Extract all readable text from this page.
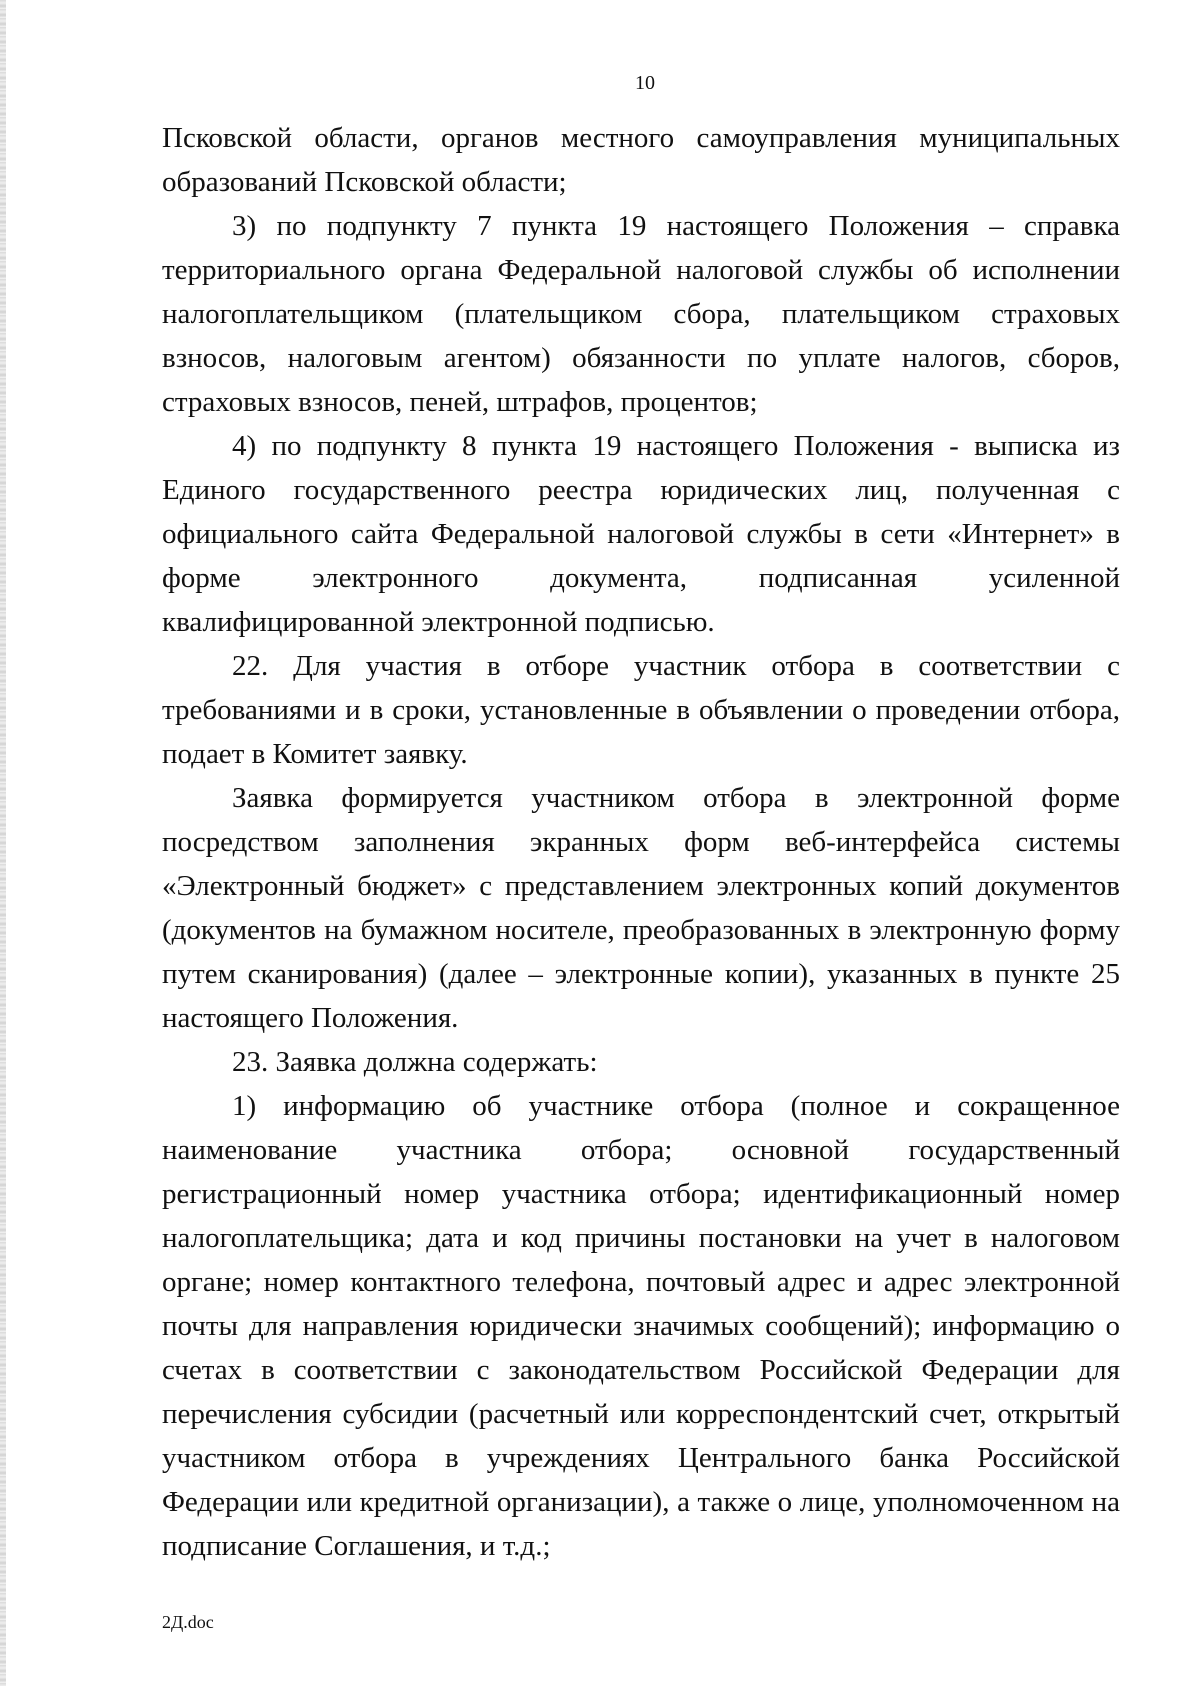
10

Псковской области, органов местного самоуправления муниципальных образований Псковской области;

3) по подпункту 7 пункта 19 настоящего Положения – справка территориального органа Федеральной налоговой службы об исполнении налогоплательщиком (плательщиком сбора, плательщиком страховых взносов, налоговым агентом) обязанности по уплате налогов, сборов, страховых взносов, пеней, штрафов, процентов;

4) по подпункту 8 пункта 19 настоящего Положения - выписка из Единого государственного реестра юридических лиц, полученная с официального сайта Федеральной налоговой службы в сети «Интернет» в форме электронного документа, подписанная усиленной квалифицированной электронной подписью.

22. Для участия в отборе участник отбора в соответствии с требованиями и в сроки, установленные в объявлении о проведении отбора, подает в Комитет заявку.

Заявка формируется участником отбора в электронной форме посредством заполнения экранных форм веб-интерфейса системы «Электронный бюджет» с представлением электронных копий документов (документов на бумажном носителе, преобразованных в электронную форму путем сканирования) (далее – электронные копии), указанных в пункте 25 настоящего Положения.

23. Заявка должна содержать:

1) информацию об участнике отбора (полное и сокращенное наименование участника отбора; основной государственный регистрационный номер участника отбора; идентификационный номер налогоплательщика; дата и код причины постановки на учет в налоговом органе; номер контактного телефона, почтовый адрес и адрес электронной почты для направления юридически значимых сообщений); информацию о счетах в соответствии с законодательством Российской Федерации для перечисления субсидии (расчетный или корреспондентский счет, открытый участником отбора в учреждениях Центрального банка Российской Федерации или кредитной организации), а также о лице, уполномоченном на подписание Соглашения, и т.д.;

2Д.doc
